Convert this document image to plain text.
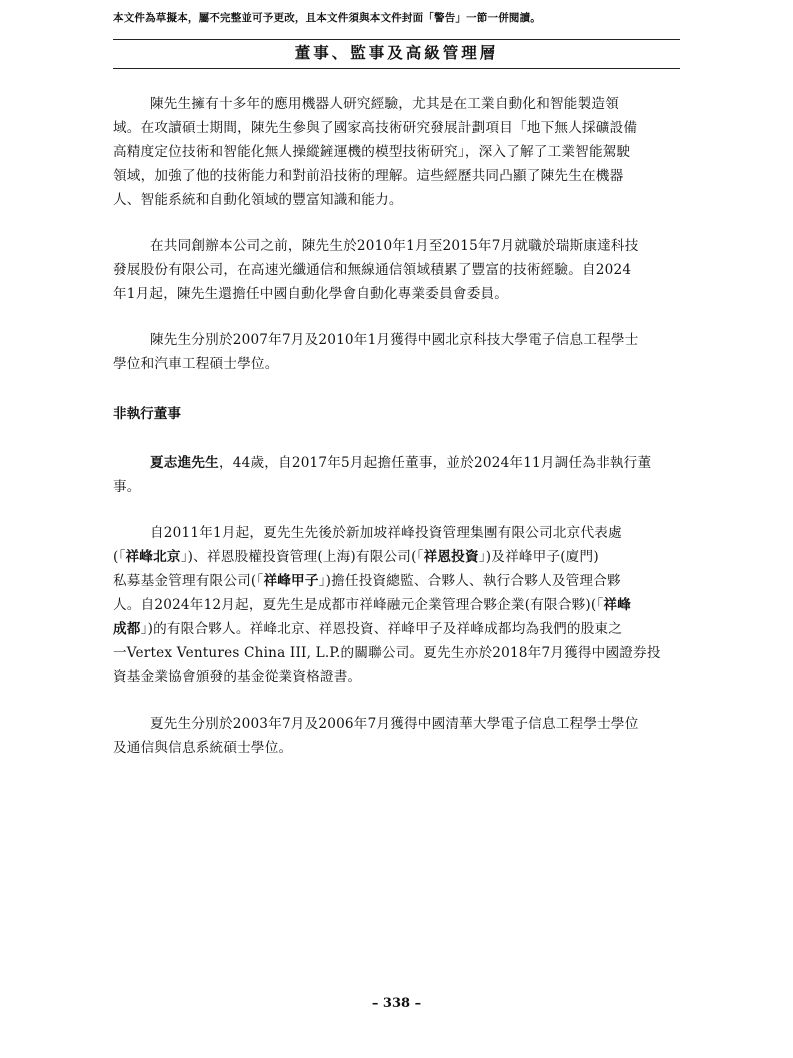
本文件為草擬本，屬不完整並可予更改，且本文件須與本文件封面「警告」一節一併閱讀。
董事、監事及高級管理層
陳先生擁有十多年的應用機器人研究經驗，尤其是在工業自動化和智能製造領
域。在攻讀碩士期間，陳先生參與了國家高技術研究發展計劃項目「地下無人採礦設備
高精度定位技術和智能化無人操縱鏟運機的模型技術研究」，深入了解了工業智能駕駛
領域，加強了他的技術能力和對前沿技術的理解。這些經歷共同凸顯了陳先生在機器
人、智能系統和自動化領域的豐富知識和能力。
在共同創辦本公司之前，陳先生於2010年1月至2015年7月就職於瑞斯康達科技
發展股份有限公司，在高速光纖通信和無線通信領域積累了豐富的技術經驗。自2024
年1月起，陳先生還擔任中國自動化學會自動化專業委員會委員。
陳先生分別於2007年7月及2010年1月獲得中國北京科技大學電子信息工程學士
學位和汽車工程碩士學位。
非執行董事
夏志進先生，44歲，自2017年5月起擔任董事，並於2024年11月調任為非執行董
事。
自2011年1月起，夏先生先後於新加坡祥峰投資管理集團有限公司北京代表處
(「祥峰北京」)、祥恩股權投資管理(上海)有限公司(「祥恩投資」)及祥峰甲子(廈門)
私募基金管理有限公司(「祥峰甲子」)擔任投資總監、合夥人、執行合夥人及管理合夥
人。自2024年12月起，夏先生是成都市祥峰融元企業管理合夥企業(有限合夥)(「祥峰
成都」)的有限合夥人。祥峰北京、祥恩投資、祥峰甲子及祥峰成都均為我們的股東之
一Vertex Ventures China III, L.P.的關聯公司。夏先生亦於2018年7月獲得中國證券投
資基金業協會頒發的基金從業資格證書。
夏先生分別於2003年7月及2006年7月獲得中國清華大學電子信息工程學士學位
及通信與信息系統碩士學位。
– 338 –
